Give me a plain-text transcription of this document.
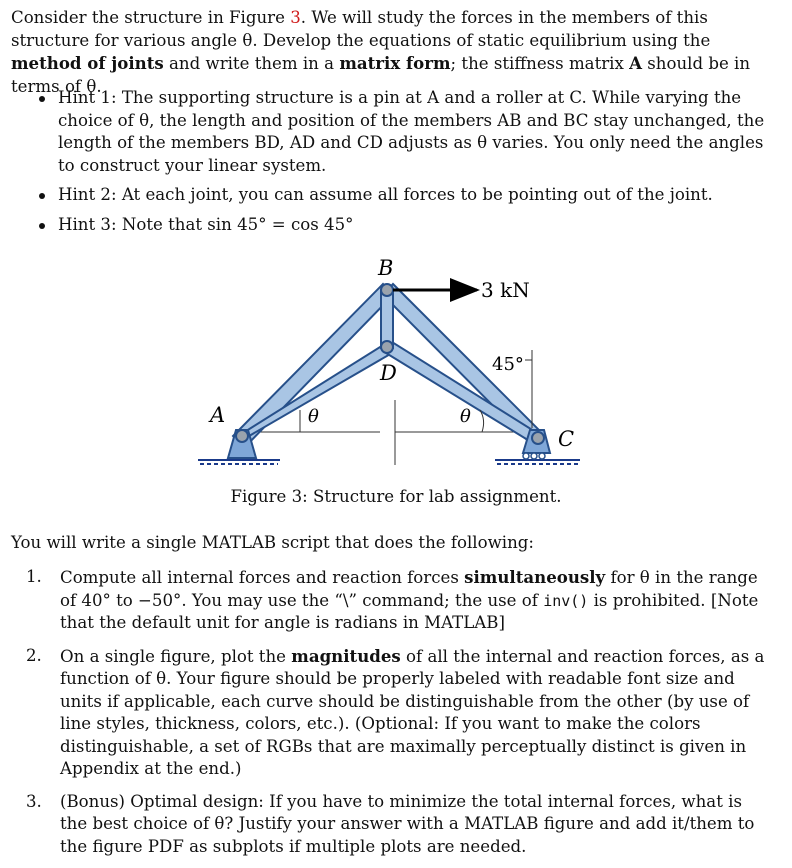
Consider the structure in Figure 3. We will study the forces in the members of this structure for various angle θ. Develop the equations of static equilibrium using the method of joints and write them in a matrix form; the stiffness matrix A should be in terms of θ.

Hint 1: The supporting structure is a pin at A and a roller at C. While varying the choice of θ, the length and position of the members AB and BC stay unchanged, the length of the members BD, AD and CD adjusts as θ varies. You only need the angles to construct your linear system.
Hint 2: At each joint, you can assume all forces to be pointing out of the joint.
Hint 3: Note that sin 45° = cos 45°
B
D
A
C
3 kN
45°
θ	θ
Figure 3: Structure for lab assignment.

You will write a single MATLAB script that does the following:

1. Compute all internal forces and reaction forces simultaneously for θ in the range of 40° to −50°. You may use the “\” command; the use of inv() is prohibited. [Note that the default unit for angle is radians in MATLAB]
2. On a single figure, plot the magnitudes of all the internal and reaction forces, as a function of θ. Your figure should be properly labeled with readable font size and units if applicable, each curve should be distinguishable from the other (by use of line styles, thickness, colors, etc.). (Optional: If you want to make the colors distinguishable, a set of RGBs that are maximally perceptually distinct is given in Appendix at the end.)
3. (Bonus) Optimal design: If you have to minimize the total internal forces, what is the best choice of θ? Justify your answer with a MATLAB figure and add it/them to the figure PDF as subplots if multiple plots are needed.
